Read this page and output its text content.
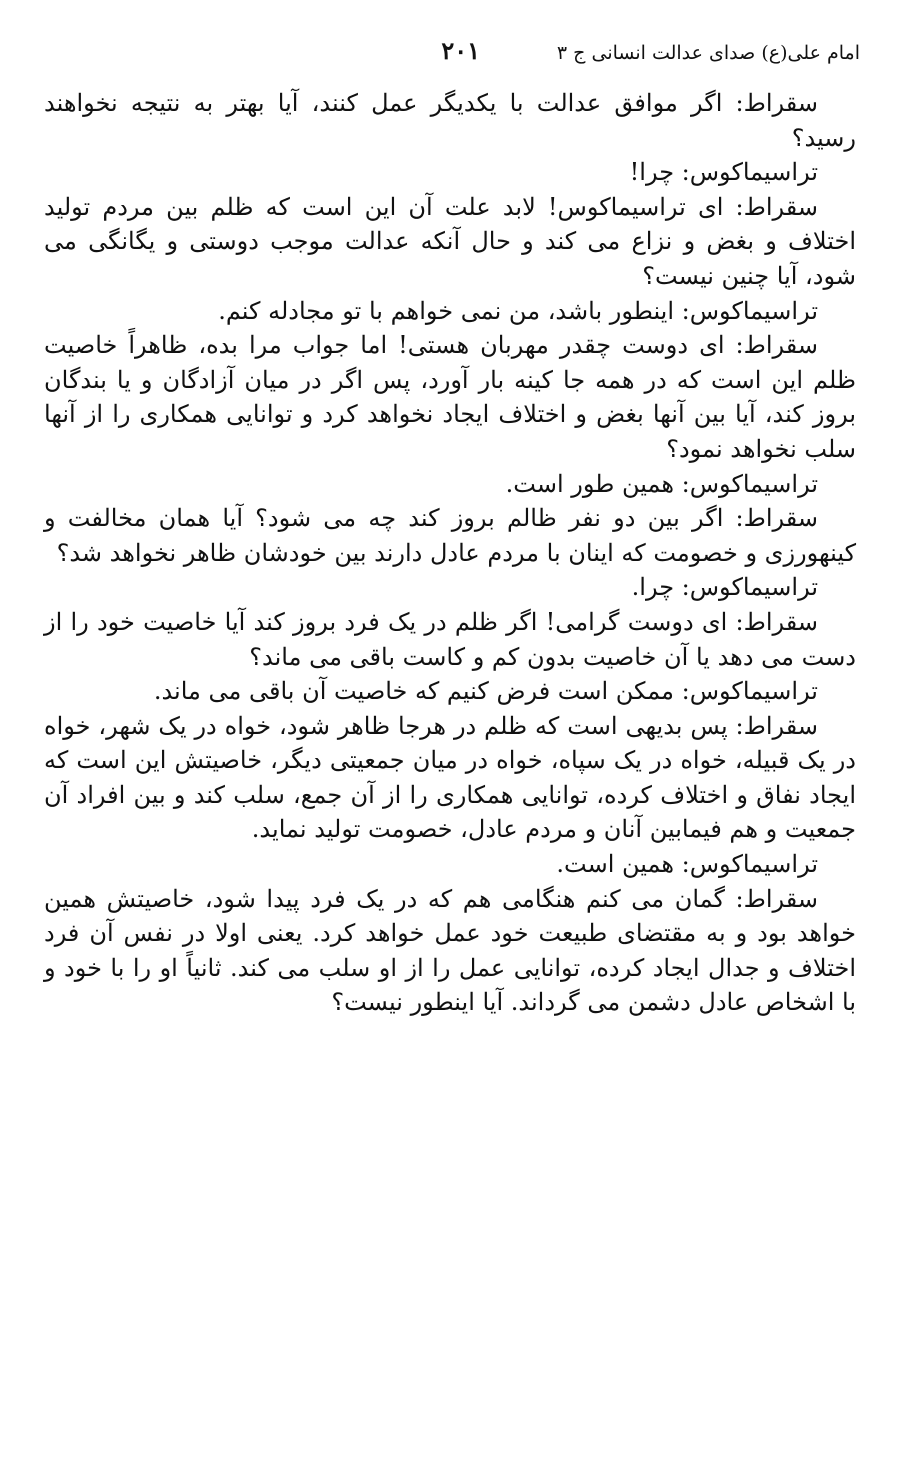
امام علی(ع) صدای عدالت انسانی ج ۳
۲۰۱

سقراط: اگر موافق عدالت با یکدیگر عمل کنند، آیا بهتر به نتیجه نخواهند رسید؟

تراسیماکوس: چرا!

سقراط: ای تراسیماکوس! لابد علت آن این است که ظلم بین مردم تولید اختلاف و بغض و نزاع می کند و حال آنکه عدالت موجب دوستی و یگانگی می شود، آیا چنین نیست؟

تراسیماکوس: اینطور باشد، من نمی خواهم با تو مجادله کنم.

سقراط: ای دوست چقدر مهربان هستی! اما جواب مرا بده، ظاهراً خاصیت ظلم این است که در همه جا کینه بار آورد، پس اگر در میان آزادگان و یا بندگان بروز کند، آیا بین آنها بغض و اختلاف ایجاد نخواهد کرد و توانایی همکاری را از آنها سلب نخواهد نمود؟

تراسیماکوس: همین طور است.

سقراط: اگر بین دو نفر ظالم بروز کند چه می شود؟ آیا همان مخالفت و کینهورزی و خصومت که اینان با مردم عادل دارند بین خودشان ظاهر نخواهد شد؟

تراسیماکوس: چرا.

سقراط: ای دوست گرامی! اگر ظلم در یک فرد بروز کند آیا خاصیت خود را از دست می دهد یا آن خاصیت بدون کم و کاست باقی می ماند؟

تراسیماکوس: ممکن است فرض کنیم که خاصیت آن باقی می ماند.

سقراط: پس بدیهی است که ظلم در هرجا ظاهر شود، خواه در یک شهر، خواه در یک قبیله، خواه در یک سپاه، خواه در میان جمعیتی دیگر، خاصیتش این است که ایجاد نفاق و اختلاف کرده، توانایی همکاری را از آن جمع، سلب کند و بین افراد آن جمعیت و هم فیمابین آنان و مردم عادل، خصومت تولید نماید.

تراسیماکوس: همین است.

سقراط: گمان می کنم هنگامی هم که در یک فرد پیدا شود، خاصیتش همین خواهد بود و به مقتضای طبیعت خود عمل خواهد کرد. یعنی اولا در نفس آن فرد اختلاف و جدال ایجاد کرده، توانایی عمل را از او سلب می کند. ثانیاً او را با خود و با اشخاص عادل دشمن می گرداند. آیا اینطور نیست؟
